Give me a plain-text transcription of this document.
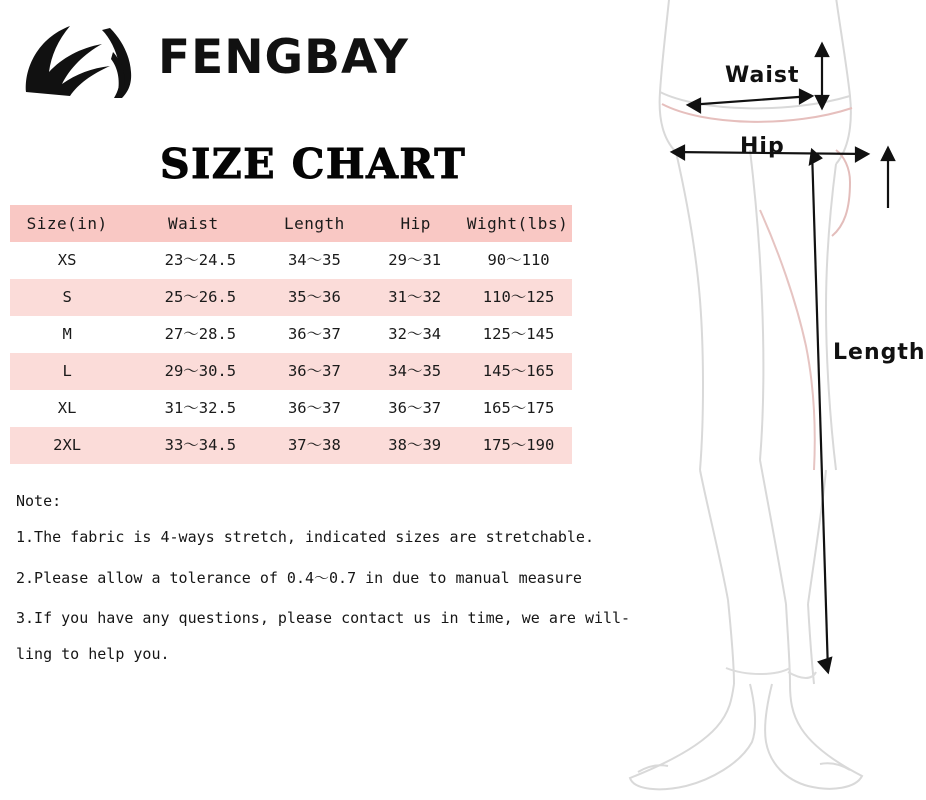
FENGBAY
SIZE CHART
Size(in)	Waist	Length	Hip	Wight(lbs)
XS	23～24.5	34～35	29～31	90～110
S	25～26.5	35～36	31～32	110～125
M	27～28.5	36～37	32～34	125～145
L	29～30.5	36～37	34～35	145～165
XL	31～32.5	36～37	36～37	165～175
2XL	33～34.5	37～38	38～39	175～190
Note:
1.The fabric is 4-ways stretch, indicated sizes are stretchable.
2.Please allow a tolerance of 0.4～0.7 in due to manual measure
3.If you have any questions, please contact us in time, we are will-
ling to help you.
Waist
Hip
Length
